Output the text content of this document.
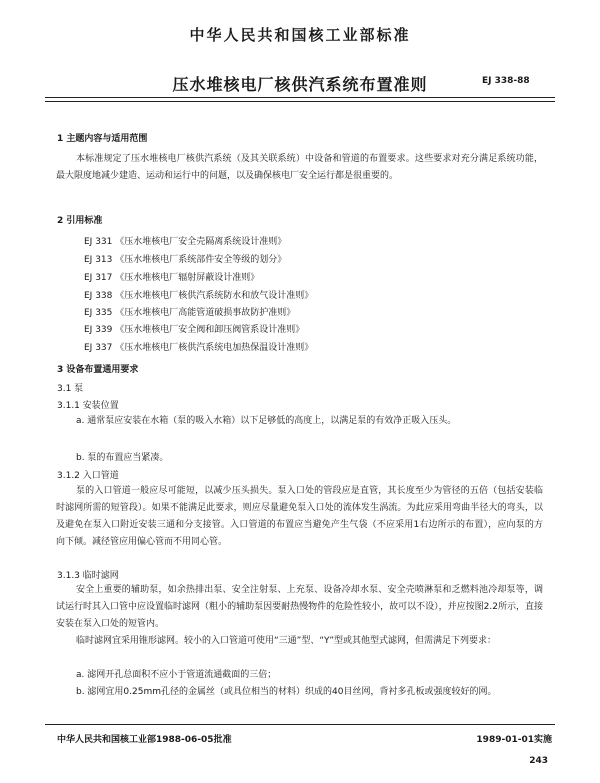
中华人民共和国核工业部标准
压水堆核电厂核供汽系统布置准则	EJ 338-88
1 主题内容与适用范围
本标准规定了压水堆核电厂核供汽系统（及其关联系统）中设备和管道的布置要求。这些要求对充分满足系统功能，最大限度地减少建造、运动和运行中的问题，以及确保核电厂安全运行都是很重要的。
2 引用标准
EJ 331 《压水堆核电厂安全壳隔离系统设计准则》
EJ 313 《压水堆核电厂系统部件安全等级的划分》
EJ 317 《压水堆核电厂辐射屏蔽设计准则》
EJ 338 《压水堆核电厂核供汽系统防水和放气设计准则》
EJ 335 《压水堆核电厂高能管道破损事故防护准则》
EJ 339 《压水堆核电厂安全阀和卸压阀管系设计准则》
EJ 337 《压水堆核电厂核供汽系统电加热保温设计准则》
3 设备布置通用要求
3.1 泵
3.1.1 安装位置
a. 通常泵应安装在水箱（泵的吸入水箱）以下足够低的高度上，以满足泵的有效净正吸入压头。
b. 泵的布置应当紧凑。
3.1.2 入口管道
泵的入口管道一般应尽可能短，以减少压头损失。泵入口处的管段应是直管，其长度至少为管径的五倍（包括安装临时滤网所需的短管段）。如果不能满足此要求，则应尽量避免泵入口处的流体发生涡流。为此应采用弯曲半径大的弯头，以及避免在泵入口附近安装三通和分支接管。入口管道的布置应当避免产生气袋（不应采用1右边所示的布置），应向泵的方向下倾。减径管应用偏心管而不用同心管。
3.1.3 临时滤网
安全上重要的辅助泵，如余热排出泵、安全注射泵、上充泵、设备冷却水泵、安全壳喷淋泵和乏燃料池冷却泵等，调试运行时其入口管中应设置临时滤网（粗小的辅助泵因要耐热慢物件的危险性较小，故可以不设），并应按图2.2所示，直接安装在泵入口处的短管内。
临时滤网宜采用锥形滤网。较小的入口管道可使用“三通”型、“Y”型或其他型式滤网，但需满足下列要求：
a. 滤网开孔总面积不应小于管道流通截面的三倍；
b. 滤网宜用0.25mm孔径的金属丝（或具位相当的材料）织成的40目丝网，背衬多孔板或强度较好的网。
中华人民共和国核工业部1988-06-05批准	1989-01-01实施
243
